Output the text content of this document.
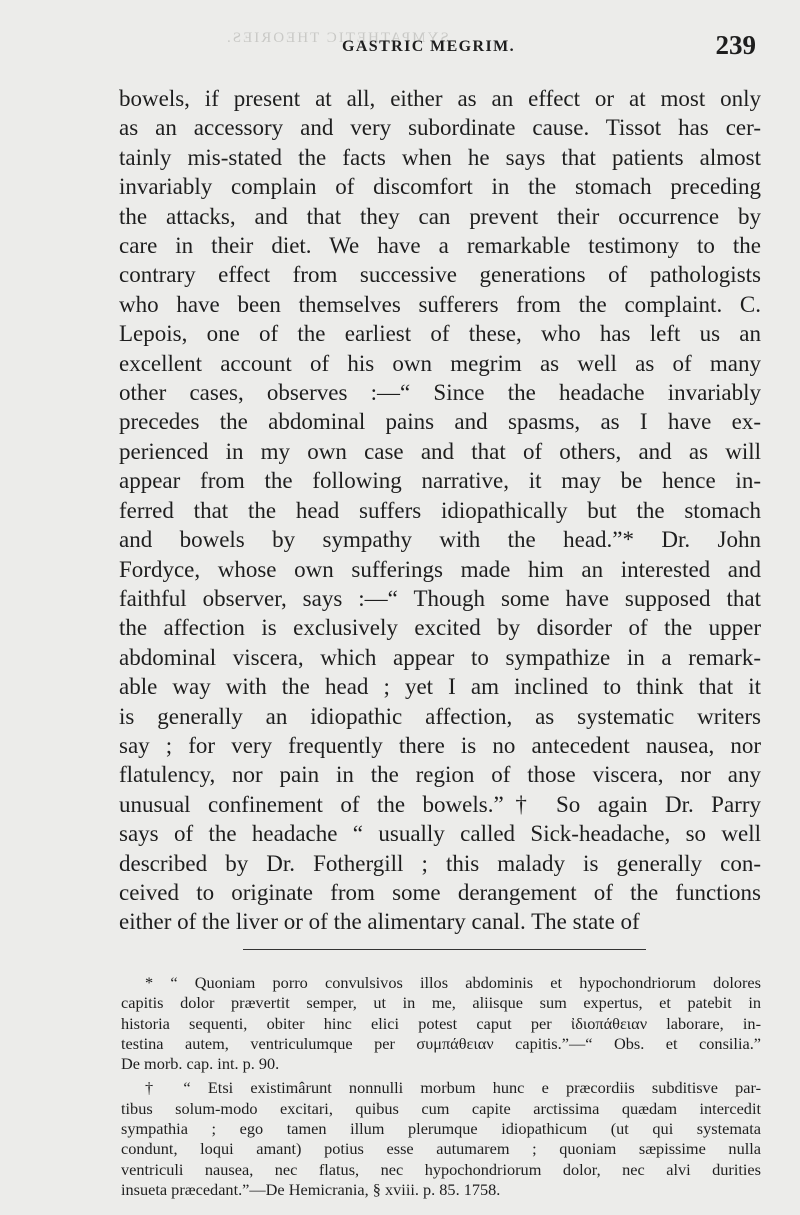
SYMPATHETIC THEORIES.
GASTRIC MEGRIM.	239
bowels, if present at all, either as an effect or at most only
as an accessory and very subordinate cause. Tissot has cer-
tainly mis-stated the facts when he says that patients almost
invariably complain of discomfort in the stomach preceding
the attacks, and that they can prevent their occurrence by
care in their diet. We have a remarkable testimony to the
contrary effect from successive generations of pathologists
who have been themselves sufferers from the complaint. C.
Lepois, one of the earliest of these, who has left us an
excellent account of his own megrim as well as of many
other cases, observes :—“ Since the headache invariably
precedes the abdominal pains and spasms, as I have ex-
perienced in my own case and that of others, and as will
appear from the following narrative, it may be hence in-
ferred that the head suffers idiopathically but the stomach
and bowels by sympathy with the head.”* Dr. John
Fordyce, whose own sufferings made him an interested and
faithful observer, says :—“ Though some have supposed that
the affection is exclusively excited by disorder of the upper
abdominal viscera, which appear to sympathize in a remark-
able way with the head ; yet I am inclined to think that it
is generally an idiopathic affection, as systematic writers
say ; for very frequently there is no antecedent nausea, nor
flatulency, nor pain in the region of those viscera, nor any
unusual confinement of the bowels.”† So again Dr. Parry
says of the headache “ usually called Sick-headache, so well
described by Dr. Fothergill ; this malady is generally con-
ceived to originate from some derangement of the functions
either of the liver or of the alimentary canal. The state of
* “ Quoniam porro convulsivos illos abdominis et hypochondriorum dolores
capitis dolor prævertit semper, ut in me, aliisque sum expertus, et patebit in
historia sequenti, obiter hinc elici potest caput per ἰδιοπάθειαν laborare, in-
testina autem, ventriculumque per συμπάθειαν capitis.”—“ Obs. et consilia.”
De morb. cap. int. p. 90.
† “ Etsi existimârunt nonnulli morbum hunc e præcordiis subditisve par-
tibus solum-modo excitari, quibus cum capite arctissima quædam intercedit
sympathia ; ego tamen illum plerumque idiopathicum (ut qui systemata
condunt, loqui amant) potius esse autumarem ; quoniam sæpissime nulla
ventriculi nausea, nec flatus, nec hypochondriorum dolor, nec alvi durities
insueta præcedant.”—De Hemicrania, § xviii. p. 85. 1758.
